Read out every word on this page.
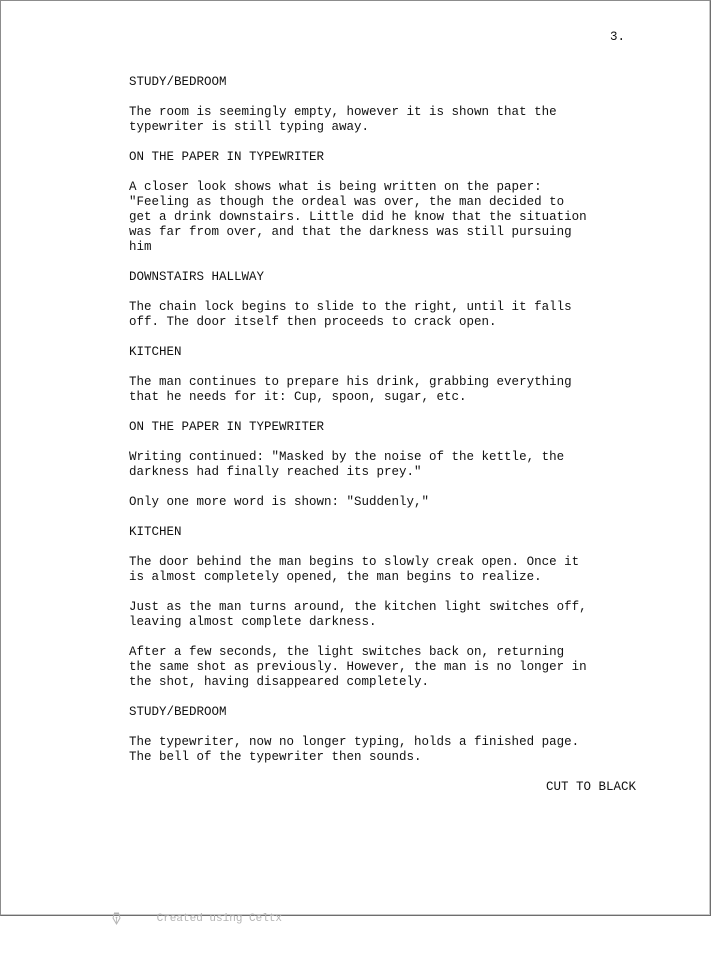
3.

STUDY/BEDROOM

The room is seemingly empty, however it is shown that the
typewriter is still typing away.

ON THE PAPER IN TYPEWRITER

A closer look shows what is being written on the paper:
"Feeling as though the ordeal was over, the man decided to
get a drink downstairs. Little did he know that the situation
was far from over, and that the darkness was still pursuing
him

DOWNSTAIRS HALLWAY

The chain lock begins to slide to the right, until it falls
off. The door itself then proceeds to crack open.

KITCHEN

The man continues to prepare his drink, grabbing everything
that he needs for it: Cup, spoon, sugar, etc.

ON THE PAPER IN TYPEWRITER

Writing continued: "Masked by the noise of the kettle, the
darkness had finally reached its prey."

Only one more word is shown: "Suddenly,"

KITCHEN

The door behind the man begins to slowly creak open. Once it
is almost completely opened, the man begins to realize.

Just as the man turns around, the kitchen light switches off,
leaving almost complete darkness.

After a few seconds, the light switches back on, returning
the same shot as previously. However, the man is no longer in
the shot, having disappeared completely.

STUDY/BEDROOM

The typewriter, now no longer typing, holds a finished page.
The bell of the typewriter then sounds.

CUT TO BLACK

Created using Celtx
